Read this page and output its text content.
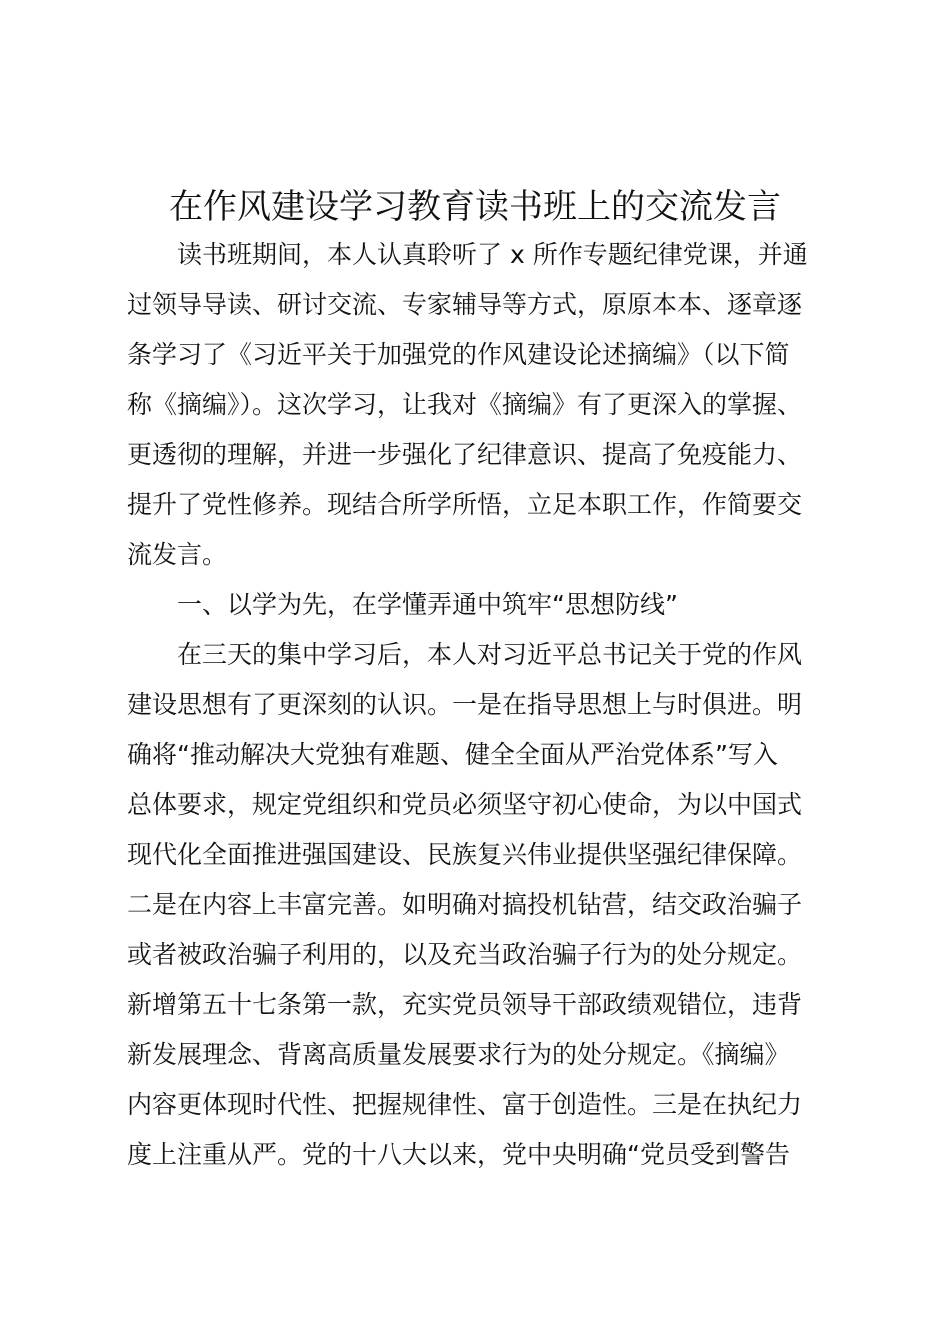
在作风建设学习教育读书班上的交流发言
读书班期间，本人认真聆听了 x 所作专题纪律党课，并通
过领导导读、研讨交流、专家辅导等方式，原原本本、逐章逐
条学习了《习近平关于加强党的作风建设论述摘编》（以下简
称《摘编》）。这次学习，让我对《摘编》有了更深入的掌握、
更透彻的理解，并进一步强化了纪律意识、提高了免疫能力、
提升了党性修养。现结合所学所悟，立足本职工作，作简要交
流发言。
一、以学为先，在学懂弄通中筑牢“思想防线”
在三天的集中学习后，本人对习近平总书记关于党的作风
建设思想有了更深刻的认识。一是在指导思想上与时俱进。明
确将“推动解决大党独有难题、健全全面从严治党体系”写入
总体要求，规定党组织和党员必须坚守初心使命，为以中国式
现代化全面推进强国建设、民族复兴伟业提供坚强纪律保障。
二是在内容上丰富完善。如明确对搞投机钻营，结交政治骗子
或者被政治骗子利用的，以及充当政治骗子行为的处分规定。
新增第五十七条第一款，充实党员领导干部政绩观错位，违背
新发展理念、背离高质量发展要求行为的处分规定。《摘编》
内容更体现时代性、把握规律性、富于创造性。三是在执纪力
度上注重从严。党的十八大以来，党中央明确“党员受到警告
